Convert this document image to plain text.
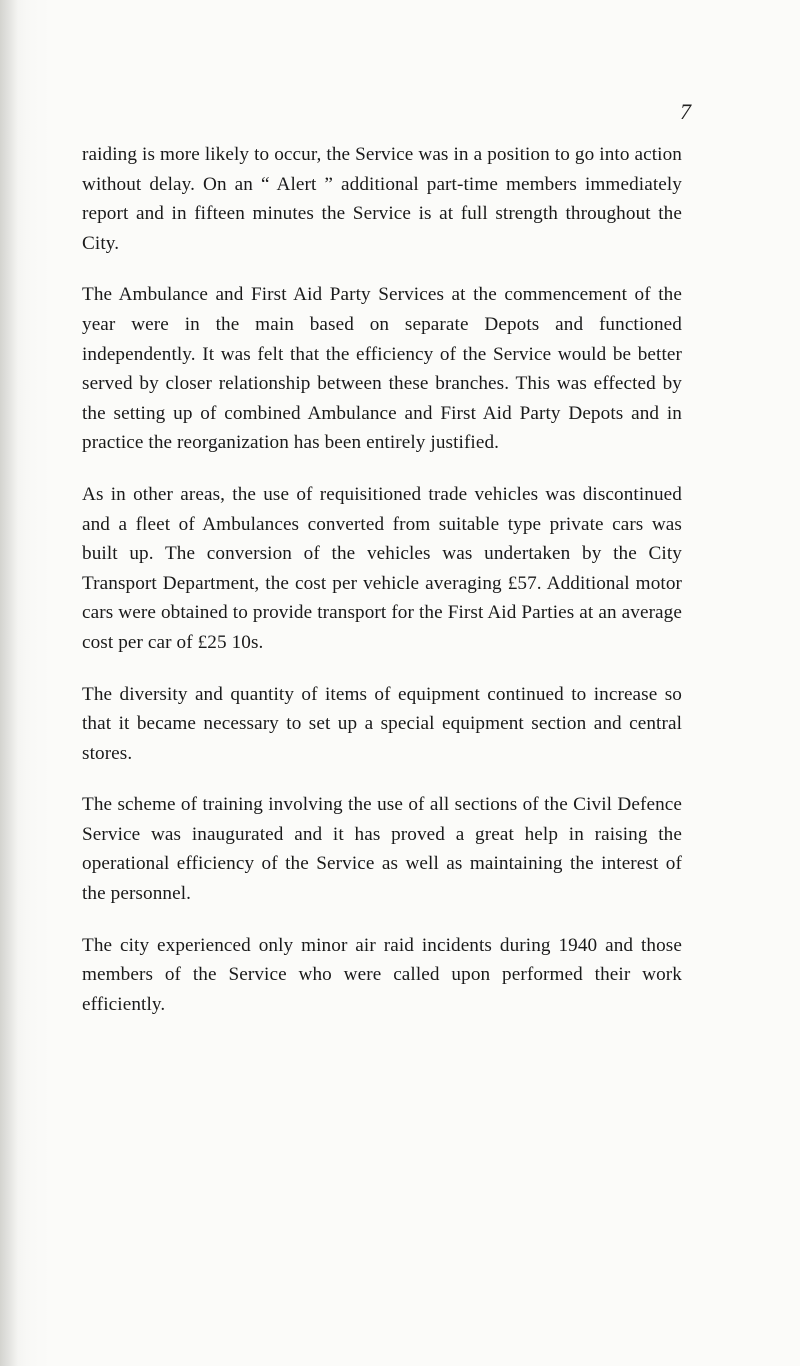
7

raiding is more likely to occur, the Service was in a position to go into action without delay. On an “ Alert ” additional part-time members immediately report and in fifteen minutes the Service is at full strength throughout the City.

The Ambulance and First Aid Party Services at the commencement of the year were in the main based on separate Depots and functioned independently. It was felt that the efficiency of the Service would be better served by closer relationship between these branches. This was effected by the setting up of combined Ambulance and First Aid Party Depots and in practice the reorganization has been entirely justified.

As in other areas, the use of requisitioned trade vehicles was discontinued and a fleet of Ambulances converted from suitable type private cars was built up. The conversion of the vehicles was undertaken by the City Transport Department, the cost per vehicle averaging £57. Additional motor cars were obtained to provide transport for the First Aid Parties at an average cost per car of £25 10s.

The diversity and quantity of items of equipment continued to increase so that it became necessary to set up a special equipment section and central stores.

The scheme of training involving the use of all sections of the Civil Defence Service was inaugurated and it has proved a great help in raising the operational efficiency of the Service as well as maintaining the interest of the personnel.

The city experienced only minor air raid incidents during 1940 and those members of the Service who were called upon performed their work efficiently.
